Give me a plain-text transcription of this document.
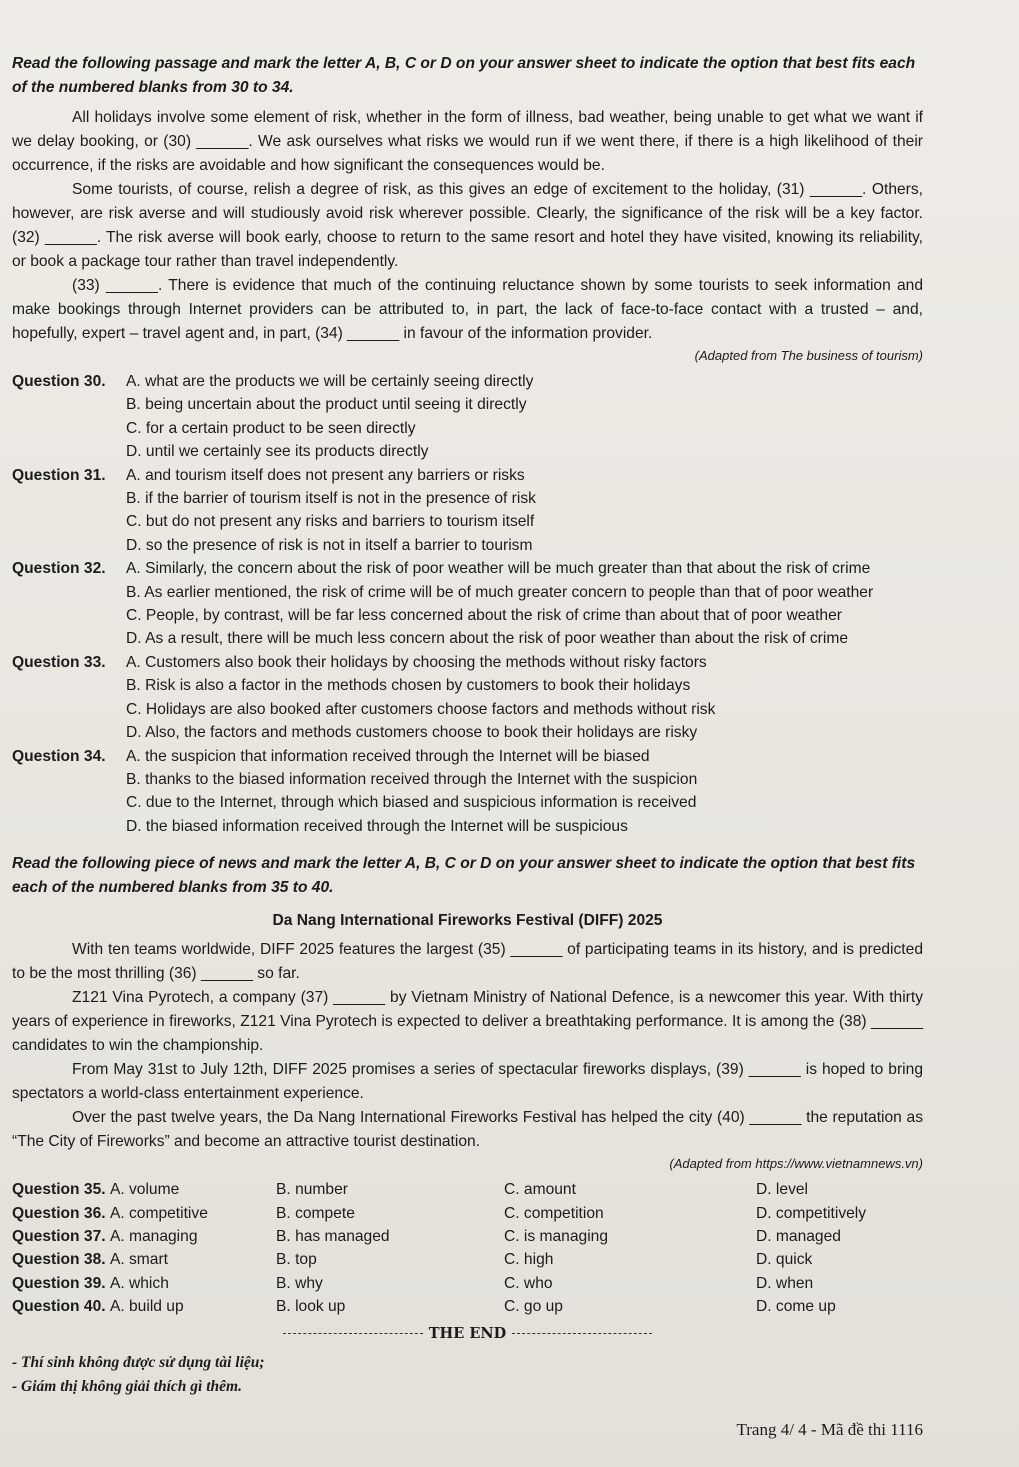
Read the following passage and mark the letter A, B, C or D on your answer sheet to indicate the option that best fits each of the numbered blanks from 30 to 34.

All holidays involve some element of risk, whether in the form of illness, bad weather, being unable to get what we want if we delay booking, or (30) ______. We ask ourselves what risks we would run if we went there, if there is a high likelihood of their occurrence, if the risks are avoidable and how significant the consequences would be.

Some tourists, of course, relish a degree of risk, as this gives an edge of excitement to the holiday, (31) ______. Others, however, are risk averse and will studiously avoid risk wherever possible. Clearly, the significance of the risk will be a key factor. (32) ______. The risk averse will book early, choose to return to the same resort and hotel they have visited, knowing its reliability, or book a package tour rather than travel independently.

(33) ______. There is evidence that much of the continuing reluctance shown by some tourists to seek information and make bookings through Internet providers can be attributed to, in part, the lack of face-to-face contact with a trusted – and, hopefully, expert – travel agent and, in part, (34) ______ in favour of the information provider.

(Adapted from The business of tourism)

Question 30.	A. what are the products we will be certainly seeing directly
B. being uncertain about the product until seeing it directly
C. for a certain product to be seen directly
D. until we certainly see its products directly
Question 31.	A. and tourism itself does not present any barriers or risks
B. if the barrier of tourism itself is not in the presence of risk
C. but do not present any risks and barriers to tourism itself
D. so the presence of risk is not in itself a barrier to tourism
Question 32.	A. Similarly, the concern about the risk of poor weather will be much greater than that about the risk of crime
B. As earlier mentioned, the risk of crime will be of much greater concern to people than that of poor weather
C. People, by contrast, will be far less concerned about the risk of crime than about that of poor weather
D. As a result, there will be much less concern about the risk of poor weather than about the risk of crime
Question 33.	A. Customers also book their holidays by choosing the methods without risky factors
B. Risk is also a factor in the methods chosen by customers to book their holidays
C. Holidays are also booked after customers choose factors and methods without risk
D. Also, the factors and methods customers choose to book their holidays are risky
Question 34.	A. the suspicion that information received through the Internet will be biased
B. thanks to the biased information received through the Internet with the suspicion
C. due to the Internet, through which biased and suspicious information is received
D. the biased information received through the Internet will be suspicious

Read the following piece of news and mark the letter A, B, C or D on your answer sheet to indicate the option that best fits each of the numbered blanks from 35 to 40.

Da Nang International Fireworks Festival (DIFF) 2025

With ten teams worldwide, DIFF 2025 features the largest (35) ______ of participating teams in its history, and is predicted to be the most thrilling (36) ______ so far.

Z121 Vina Pyrotech, a company (37) ______ by Vietnam Ministry of National Defence, is a newcomer this year. With thirty years of experience in fireworks, Z121 Vina Pyrotech is expected to deliver a breathtaking performance. It is among the (38) ______ candidates to win the championship.

From May 31st to July 12th, DIFF 2025 promises a series of spectacular fireworks displays, (39) ______ is hoped to bring spectators a world-class entertainment experience.

Over the past twelve years, the Da Nang International Fireworks Festival has helped the city (40) ______ the reputation as “The City of Fireworks” and become an attractive tourist destination.

(Adapted from https://www.vietnamnews.vn)

Question 35. A. volume	B. number	C. amount	D. level
Question 36. A. competitive	B. compete	C. competition	D. competitively
Question 37. A. managing	B. has managed	C. is managing	D. managed
Question 38. A. smart	B. top	C. high	D. quick
Question 39. A. which	B. why	C. who	D. when
Question 40. A. build up	B. look up	C. go up	D. come up
THE END
- Thí sinh không được sử dụng tài liệu;
- Giám thị không giải thích gì thêm.
Trang 4/ 4 - Mã đề thi 1116
